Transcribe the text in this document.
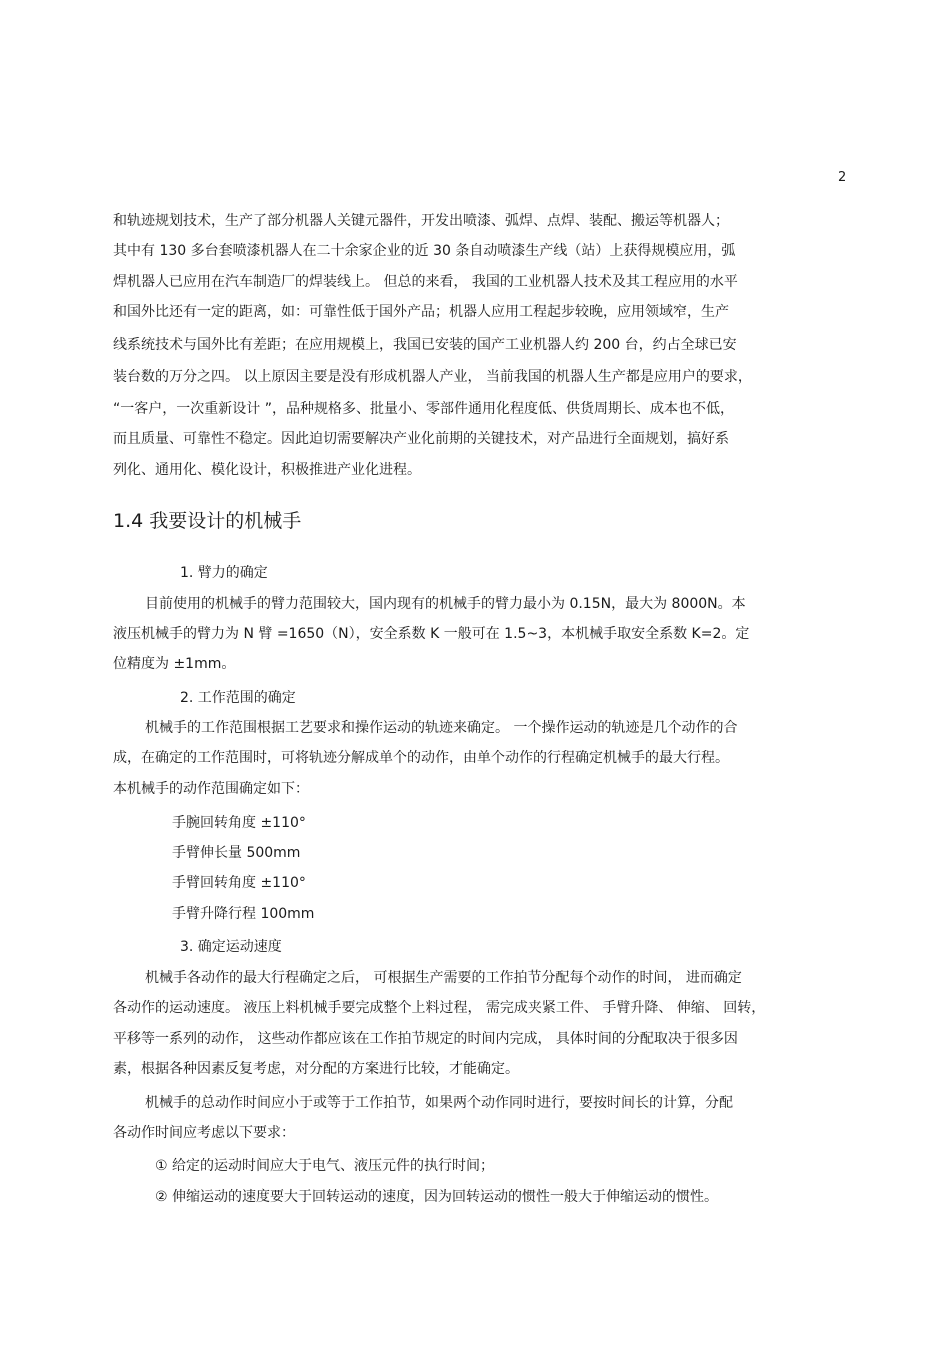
2
和轨迹规划技术，生产了部分机器人关键元器件，开发出喷漆、弧焊、点焊、装配、搬运等机器人；
其中有 130 多台套喷漆机器人在二十余家企业的近 30 条自动喷漆生产线（站）上获得规模应用，弧
焊机器人已应用在汽车制造厂的焊装线上。 但总的来看， 我国的工业机器人技术及其工程应用的水平
和国外比还有一定的距离，如：可靠性低于国外产品；机器人应用工程起步较晚，应用领域窄，生产
线系统技术与国外比有差距；在应用规模上，我国已安装的国产工业机器人约 200 台，约占全球已安
装台数的万分之四。 以上原因主要是没有形成机器人产业， 当前我国的机器人生产都是应用户的要求，
“一客户，一次重新设计 ”，品种规格多、批量小、零部件通用化程度低、供货周期长、成本也不低，
而且质量、可靠性不稳定。因此迫切需要解决产业化前期的关键技术，对产品进行全面规划，搞好系
列化、通用化、模化设计，积极推进产业化进程。
1.4 我要设计的机械手
1. 臂力的确定
目前使用的机械手的臂力范围较大，国内现有的机械手的臂力最小为 0.15N，最大为 8000N。本
液压机械手的臂力为 N 臂 =1650（N），安全系数 K 一般可在 1.5~3，本机械手取安全系数 K=2。定
位精度为 ±1mm。
2. 工作范围的确定
机械手的工作范围根据工艺要求和操作运动的轨迹来确定。 一个操作运动的轨迹是几个动作的合
成，在确定的工作范围时，可将轨迹分解成单个的动作，由单个动作的行程确定机械手的最大行程。
本机械手的动作范围确定如下：
手腕回转角度 ±110°
手臂伸长量 500mm
手臂回转角度 ±110°
手臂升降行程 100mm
3. 确定运动速度
机械手各动作的最大行程确定之后， 可根据生产需要的工作拍节分配每个动作的时间， 进而确定
各动作的运动速度。 液压上料机械手要完成整个上料过程， 需完成夹紧工件、 手臂升降、 伸缩、 回转，
平移等一系列的动作， 这些动作都应该在工作拍节规定的时间内完成， 具体时间的分配取决于很多因
素，根据各种因素反复考虑，对分配的方案进行比较，才能确定。
机械手的总动作时间应小于或等于工作拍节，如果两个动作同时进行，要按时间长的计算，分配
各动作时间应考虑以下要求：
① 给定的运动时间应大于电气、液压元件的执行时间；
② 伸缩运动的速度要大于回转运动的速度，因为回转运动的惯性一般大于伸缩运动的惯性。
